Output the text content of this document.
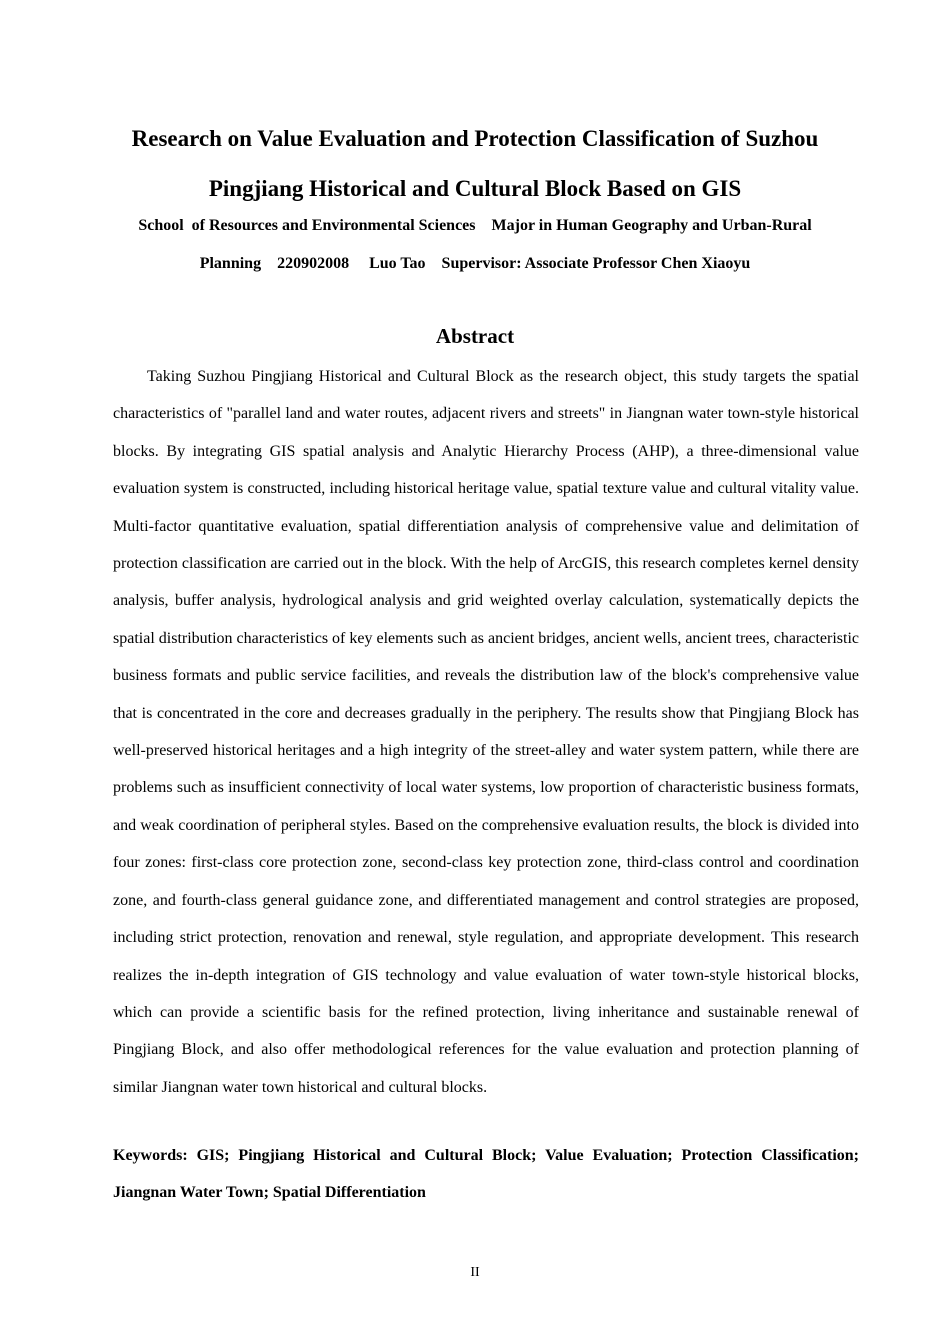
Research on Value Evaluation and Protection Classification of Suzhou
Pingjiang Historical and Cultural Block Based on GIS
School  of Resources and Environmental Sciences    Major in Human Geography and Urban-Rural
Planning    220902008     Luo Tao    Supervisor: Associate Professor Chen Xiaoyu
Abstract

Taking Suzhou Pingjiang Historical and Cultural Block as the research object, this study targets the spatial characteristics of "parallel land and water routes, adjacent rivers and streets" in Jiangnan water town-style historical blocks. By integrating GIS spatial analysis and Analytic Hierarchy Process (AHP), a three-dimensional value evaluation system is constructed, including historical heritage value, spatial texture value and cultural vitality value. Multi-factor quantitative evaluation, spatial differentiation analysis of comprehensive value and delimitation of protection classification are carried out in the block. With the help of ArcGIS, this research completes kernel density analysis, buffer analysis, hydrological analysis and grid weighted overlay calculation, systematically depicts the spatial distribution characteristics of key elements such as ancient bridges, ancient wells, ancient trees, characteristic business formats and public service facilities, and reveals the distribution law of the block's comprehensive value that is concentrated in the core and decreases gradually in the periphery. The results show that Pingjiang Block has well-preserved historical heritages and a high integrity of the street-alley and water system pattern, while there are problems such as insufficient connectivity of local water systems, low proportion of characteristic business formats, and weak coordination of peripheral styles. Based on the comprehensive evaluation results, the block is divided into four zones: first-class core protection zone, second-class key protection zone, third-class control and coordination zone, and fourth-class general guidance zone, and differentiated management and control strategies are proposed, including strict protection, renovation and renewal, style regulation, and appropriate development. This research realizes the in-depth integration of GIS technology and value evaluation of water town-style historical blocks, which can provide a scientific basis for the refined protection, living inheritance and sustainable renewal of Pingjiang Block, and also offer methodological references for the value evaluation and protection planning of similar Jiangnan water town historical and cultural blocks.

Keywords: GIS; Pingjiang Historical and Cultural Block; Value Evaluation; Protection Classification; Jiangnan Water Town; Spatial Differentiation

II
